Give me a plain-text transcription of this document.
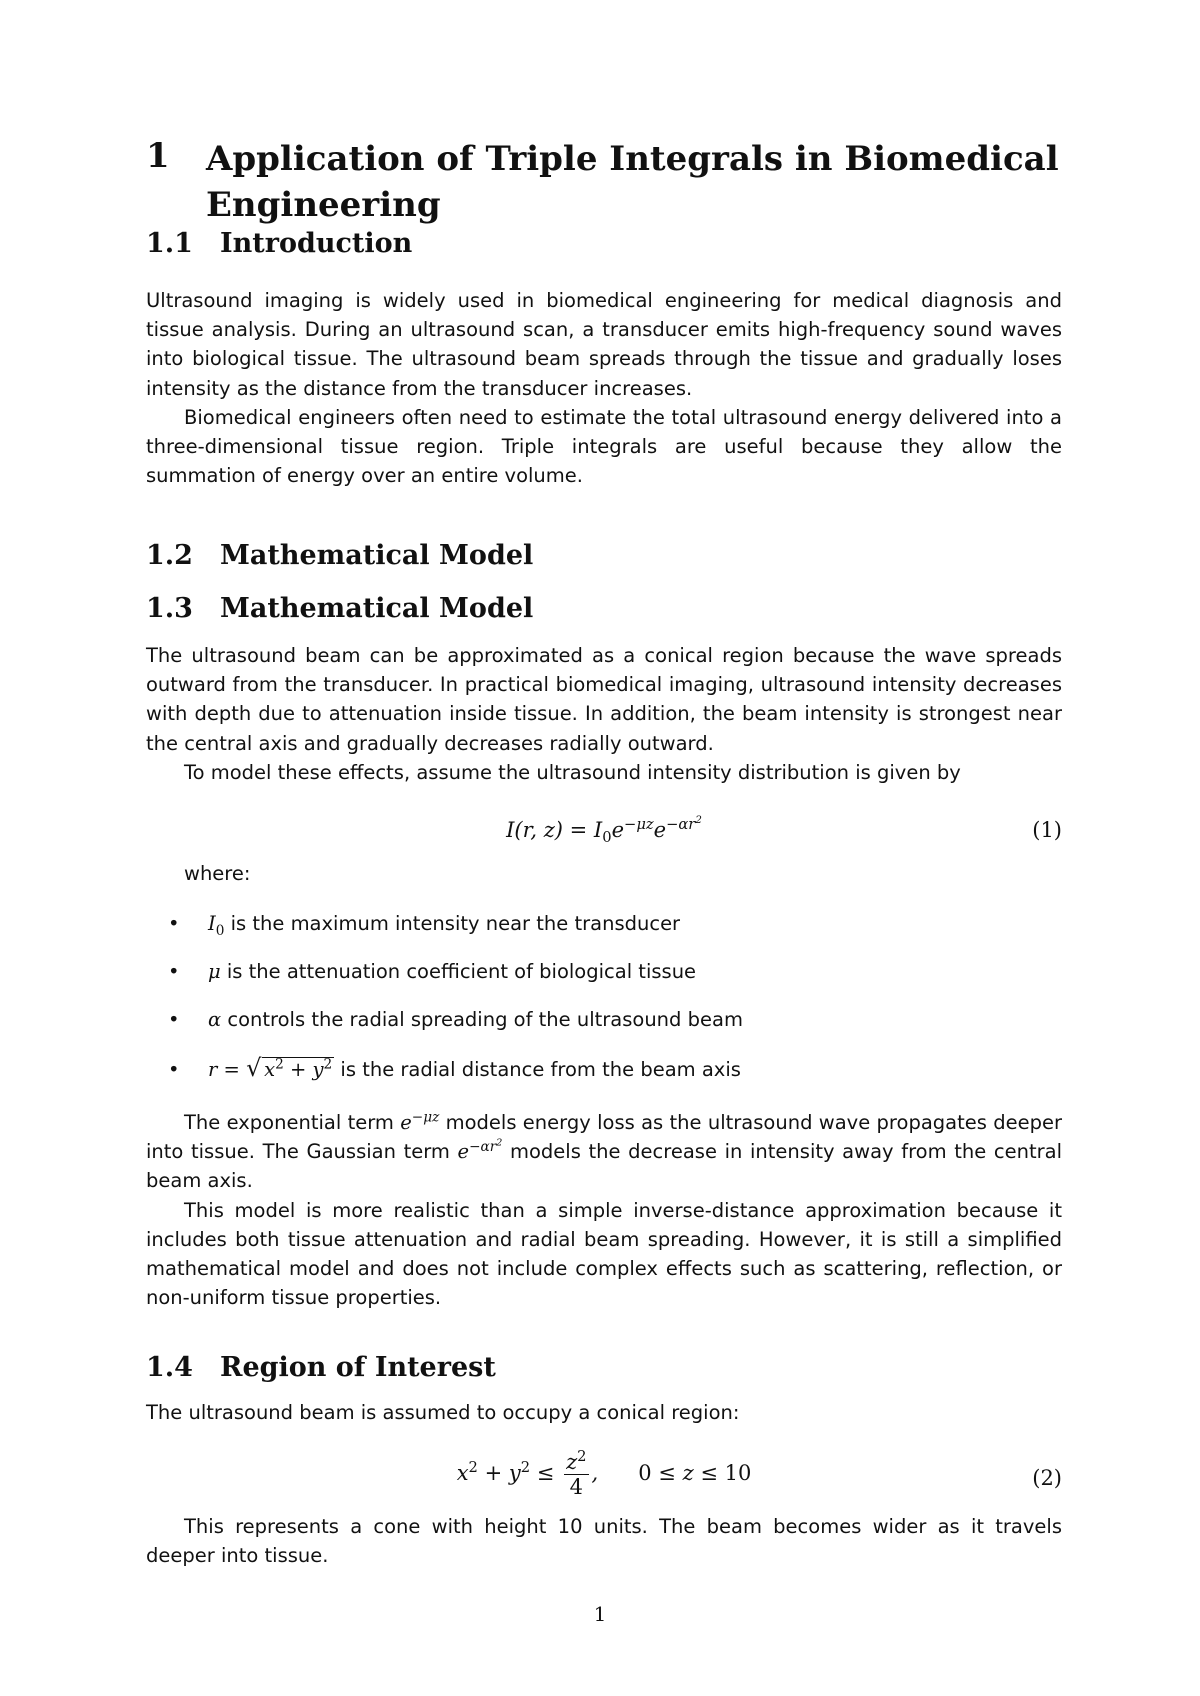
1 Application of Triple Integrals in Biomedical Engineering
1.1 Introduction

Ultrasound imaging is widely used in biomedical engineering for medical diagnosis and tissue analysis. During an ultrasound scan, a transducer emits high-frequency sound waves into biological tissue. The ultrasound beam spreads through the tissue and gradually loses intensity as the distance from the transducer increases.

Biomedical engineers often need to estimate the total ultrasound energy delivered into a three-dimensional tissue region. Triple integrals are useful because they allow the summation of energy over an entire volume.

1.2 Mathematical Model
1.3 Mathematical Model

The ultrasound beam can be approximated as a conical region because the wave spreads outward from the transducer. In practical biomedical imaging, ultrasound intensity decreases with depth due to attenuation inside tissue. In addition, the beam intensity is strongest near the central axis and gradually decreases radially outward.

To model these effects, assume the ultrasound intensity distribution is given by

I(r, $z) = I_0e^{-\mu z}e^{-\alpha r^2}$	(1)
where:
• $I_0$ is the maximum intensity near the transducer
• μ is the attenuation coefficient of biological tissue
• α controls the radial spreading of the ultrasound beam
• r = √ $x^2 + y^2$ is the radial distance from the beam axis

The exponential term $e^{-\mu z}$ models energy loss as the ultrasound wave propagates deeper into tissue. The Gaussian term $e^{-\alpha r^2}$ models the decrease in intensity away from the central beam axis.

This model is more realistic than a simple inverse-distance approximation because it includes both tissue attenuation and radial beam spreading. However, it is still a simplified mathematical model and does not include complex effects such as scattering, reflection, or non-uniform tissue properties.

1.4 Region of Interest

The ultrasound beam is assumed to occupy a conical region:

$x^2 + y^2 \le \frac{z^2}{4}$ ,      0 ≤ z ≤ 10	(2)

This represents a cone with height 10 units. The beam becomes wider as it travels deeper into tissue.

1
